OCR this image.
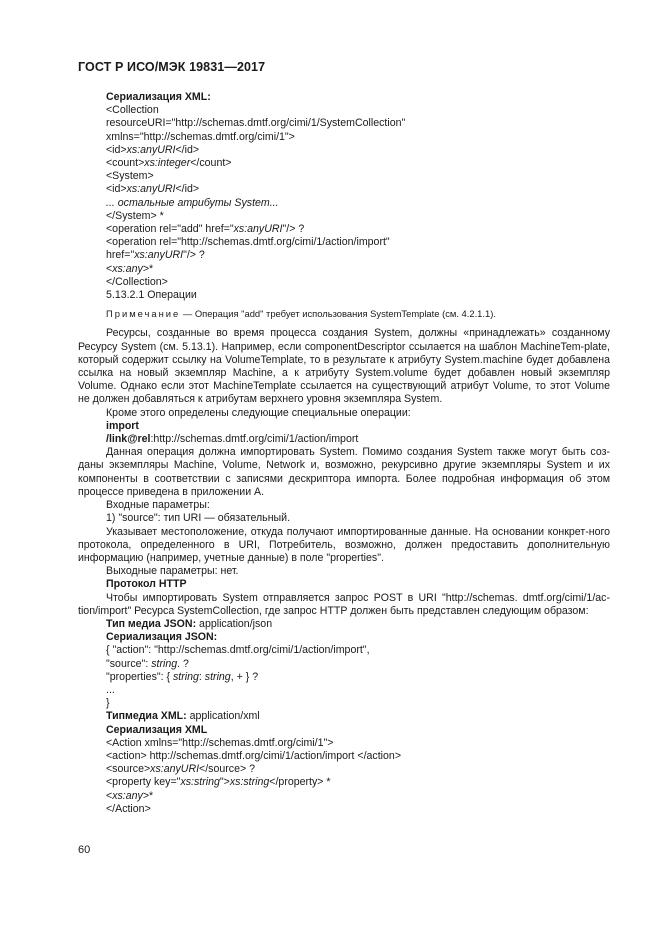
ГОСТ Р ИСО/МЭК 19831—2017
Сериализация XML:
<Collection
resourceURI="http://schemas.dmtf.org/cimi/1/SystemCollection"
xmlns="http://schemas.dmtf.org/cimi/1">
<id>xs:anyURI</id>
<count>xs:integer</count>
<System>
<id>xs:anyURI</id>
... остальные атрибуты System...
</System> *
<operation rel="add" href="xs:anyURI"/> ?
<operation rel="http://schemas.dmtf.org/cimi/1/action/import"
href="xs:anyURI"/> ?
<xs:any>*
</Collection>
5.13.2.1 Операции
Примечание — Операция "add" требует использования SystemTemplate (см. 4.2.1.1).
Ресурсы, созданные во время процесса создания System, должны «принадлежать» созданному Ресурсу System (см. 5.13.1). Например, если componentDescriptor ссылается на шаблон MachineTem-plate, который содержит ссылку на VolumeTemplate, то в результате к атрибуту System.machine будет добавлена ссылка на новый экземпляр Machine, а к атрибуту System.volume будет добавлен новый экземпляр Volume. Однако если этот MachineTemplate ссылается на существующий атрибут Volume, то этот Volume не должен добавляться к атрибутам верхнего уровня экземпляра System.
Кроме этого определены следующие специальные операции:
import
/link@rel:http://schemas.dmtf.org/cimi/1/action/import
Данная операция должна импортировать System. Помимо создания System также могут быть соз-даны экземпляры Machine, Volume, Network и, возможно, рекурсивно другие экземпляры System и их компоненты в соответствии с записями дескриптора импорта. Более подробная информация об этом процессе приведена в приложении А.
Входные параметры:
1) "source": тип URI — обязательный.
Указывает местоположение, откуда получают импортированные данные. На основании конкрет-ного протокола, определенного в URI, Потребитель, возможно, должен предоставить дополнительную информацию (например, учетные данные) в поле "properties".
Выходные параметры: нет.
Протокол HTTP
Чтобы импортировать System отправляется запрос POST в URI "http://schemas. dmtf.org/cimi/1/ac-tion/import" Ресурса SystemCollection, где запрос HTTP должен быть представлен следующим образом:
Тип медиа JSON: application/json
Сериализация JSON:
{ "action": "http://schemas.dmtf.org/cimi/1/action/import",
"source": string. ?
"properties": { string: string, + } ?
...
}
Типмедиа XML: application/xml
Сериализация XML
<Action xmlns="http://schemas.dmtf.org/cimi/1">
<action> http://schemas.dmtf.org/cimi/1/action/import </action>
<source>xs:anyURI</source> ?
<property key="xs:string">xs:string</property> *
<xs:any>*
</Action>
60
